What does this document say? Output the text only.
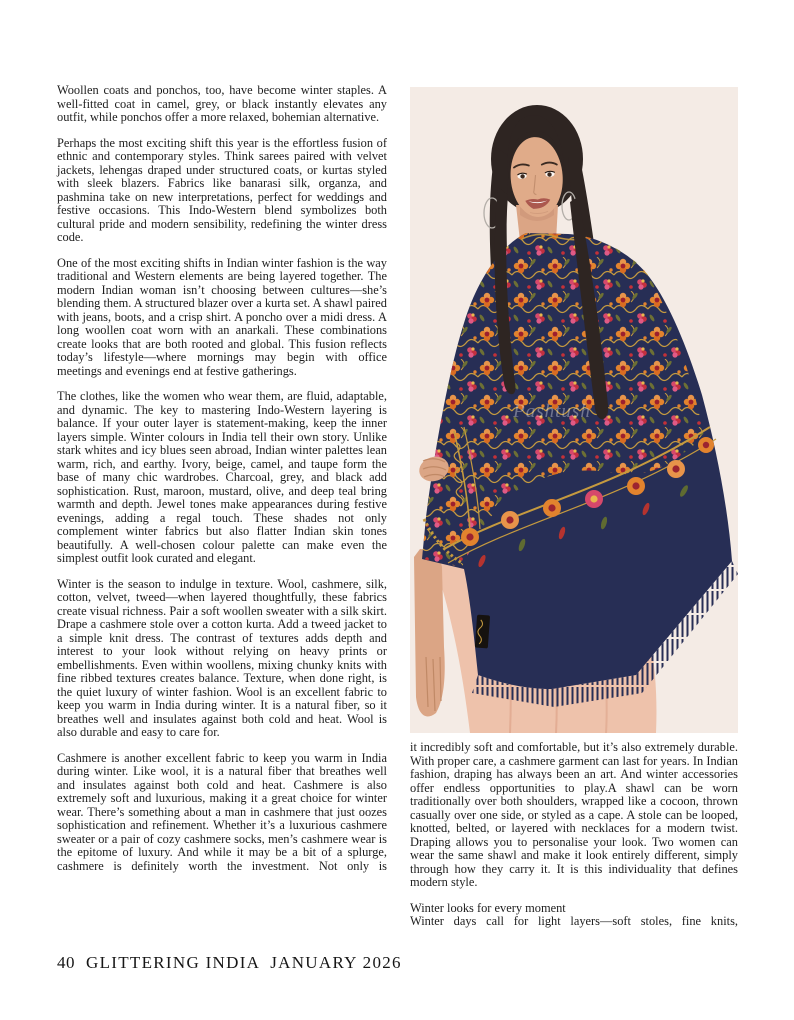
Woollen coats and ponchos, too, have become winter staples. A well-fitted coat in camel, grey, or black instantly elevates any outfit, while ponchos offer a more relaxed, bohemian alternative.

Perhaps the most exciting shift this year is the effortless fusion of ethnic and contemporary styles. Think sarees paired with velvet jackets, lehengas draped under structured coats, or kurtas styled with sleek blazers. Fabrics like banarasi silk, organza, and pashmina take on new interpretations, perfect for weddings and festive occasions. This Indo-Western blend symbolizes both cultural pride and modern sensibility, redefining the winter dress code.

One of the most exciting shifts in Indian winter fashion is the way traditional and Western elements are being layered together. The modern Indian woman isn’t choosing between cultures—she’s blending them. A structured blazer over a kurta set. A shawl paired with jeans, boots, and a crisp shirt. A poncho over a midi dress. A long woollen coat worn with an anarkali. These combinations create looks that are both rooted and global. This fusion reflects today’s lifestyle—where mornings may begin with office meetings and evenings end at festive gatherings.

The clothes, like the women who wear them, are fluid, adaptable, and dynamic. The key to mastering Indo-Western layering is balance. If your outer layer is statement-making, keep the inner layers simple. Winter colours in India tell their own story. Unlike stark whites and icy blues seen abroad, Indian winter palettes lean warm, rich, and earthy. Ivory, beige, camel, and taupe form the base of many chic wardrobes. Charcoal, grey, and black add sophistication. Rust, maroon, mustard, olive, and deep teal bring warmth and depth. Jewel tones make appearances during festive evenings, adding a regal touch. These shades not only complement winter fabrics but also flatter Indian skin tones beautifully. A well-chosen colour palette can make even the simplest outfit look curated and elegant.

Winter is the season to indulge in texture. Wool, cashmere, silk, cotton, velvet, tweed—when layered thoughtfully, these fabrics create visual richness. Pair a soft woollen sweater with a silk skirt. Drape a cashmere stole over a cotton kurta. Add a tweed jacket to a simple knit dress. The contrast of textures adds depth and interest to your look without relying on heavy prints or embellishments. Even within woollens, mixing chunky knits with fine ribbed textures creates balance. Texture, when done right, is the quiet luxury of winter fashion. Wool is an excellent fabric to keep you warm in India during winter. It is a natural fiber, so it breathes well and insulates against both cold and heat. Wool is also durable and easy to care for.

Cashmere is another excellent fabric to keep you warm in India during winter. Like wool, it is a natural fiber that breathes well and insulates against both cold and heat. Cashmere is also extremely soft and luxurious, making it a great choice for winter wear. There’s something about a man in cashmere that just oozes sophistication and refinement. Whether it’s a luxurious cashmere sweater or a pair of cozy cashmere socks, men’s cashmere wear is the epitome of luxury. And while it may be a bit of a splurge, cashmere is definitely worth the investment. Not only is

Pashtush

it incredibly soft and comfortable, but it’s also extremely durable. With proper care, a cashmere garment can last for years. In Indian fashion, draping has always been an art. And winter accessories offer endless opportunities to play.A shawl can be worn traditionally over both shoulders, wrapped like a cocoon, thrown casually over one side, or styled as a cape. A stole can be looped, knotted, belted, or layered with necklaces for a modern twist. Draping allows you to personalise your look. Two women can wear the same shawl and make it look entirely different, simply through how they carry it. It is this individuality that defines modern style.

Winter looks for every moment

Winter days call for light layers—soft stoles, fine knits,

40 GLITTERING INDIA JANUARY 2026
